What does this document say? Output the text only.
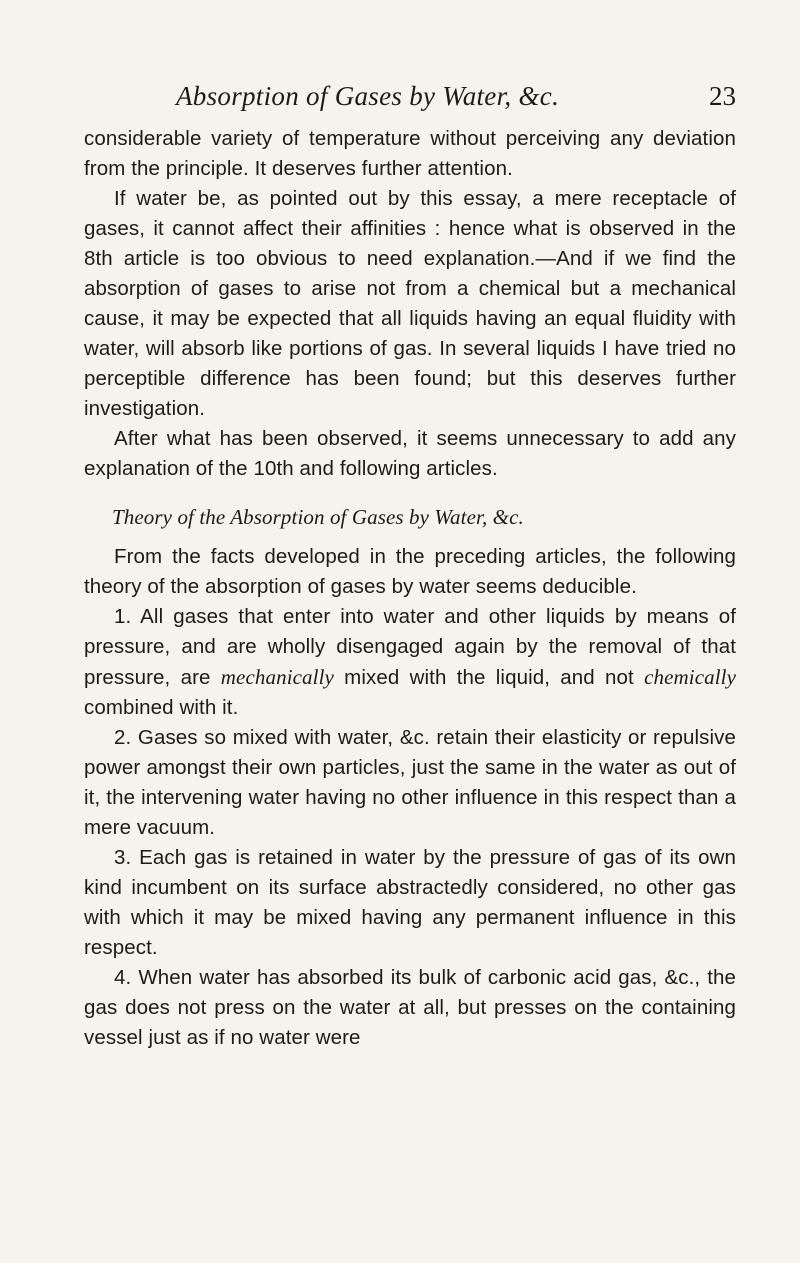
Absorption of Gases by Water, &c.	23

considerable variety of temperature without perceiving any deviation from the principle. It deserves further attention.

If water be, as pointed out by this essay, a mere receptacle of gases, it cannot affect their affinities : hence what is observed in the 8th article is too obvious to need explanation.—And if we find the absorption of gases to arise not from a chemical but a mechanical cause, it may be expected that all liquids having an equal fluidity with water, will absorb like portions of gas. In several liquids I have tried no perceptible difference has been found; but this deserves further investigation.

After what has been observed, it seems unnecessary to add any explanation of the 10th and following articles.

Theory of the Absorption of Gases by Water, &c.

From the facts developed in the preceding articles, the following theory of the absorption of gases by water seems deducible.

1. All gases that enter into water and other liquids by means of pressure, and are wholly disengaged again by the removal of that pressure, are mechanically mixed with the liquid, and not chemically combined with it.

2. Gases so mixed with water, &c. retain their elasticity or repulsive power amongst their own particles, just the same in the water as out of it, the intervening water having no other influence in this respect than a mere vacuum.

3. Each gas is retained in water by the pressure of gas of its own kind incumbent on its surface abstractedly considered, no other gas with which it may be mixed having any permanent influence in this respect.

4. When water has absorbed its bulk of carbonic acid gas, &c., the gas does not press on the water at all, but presses on the containing vessel just as if no water were
